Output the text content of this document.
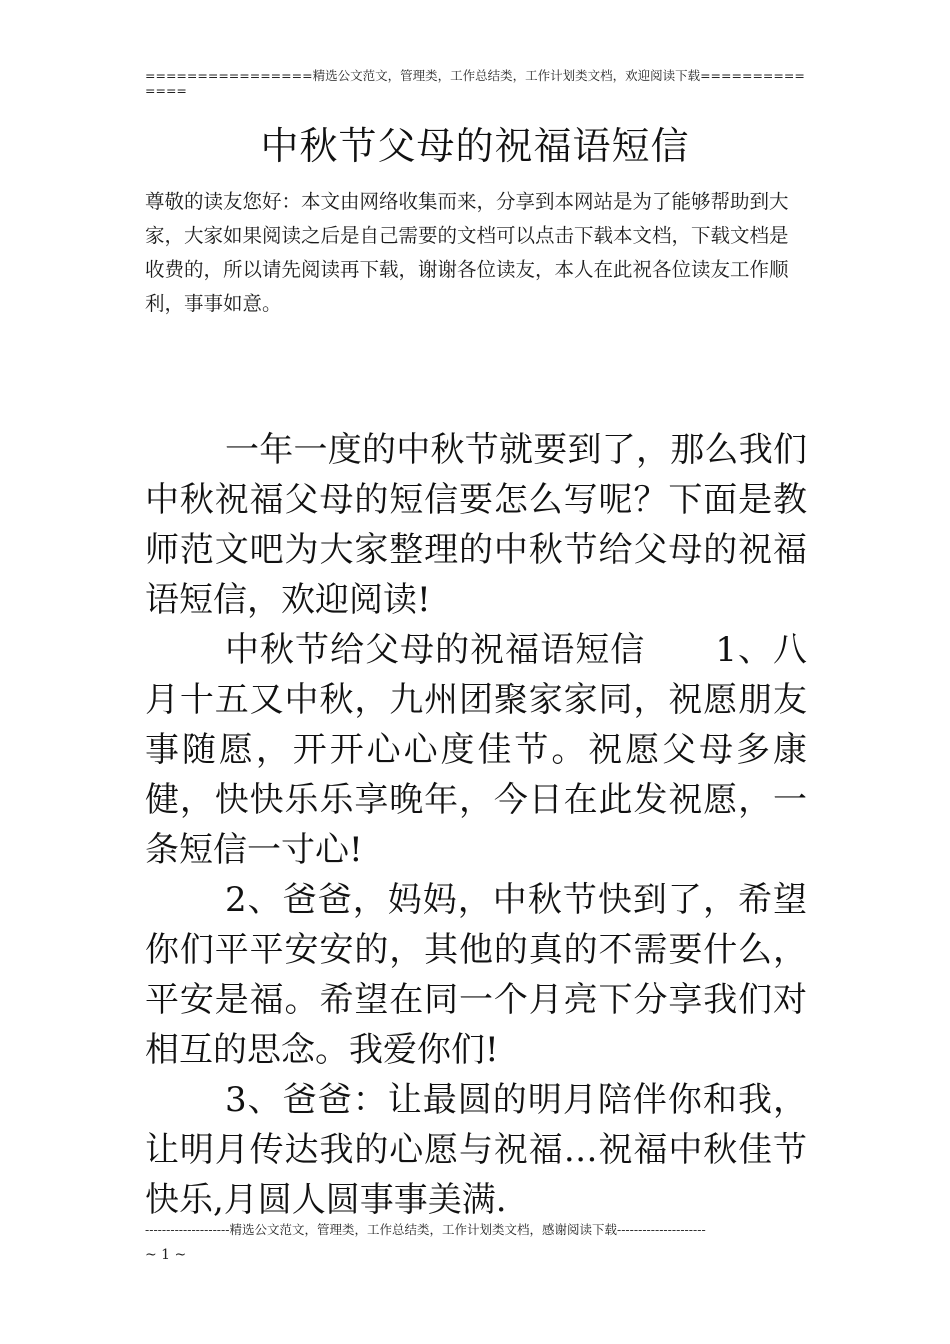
================精选公文范文，管理类，工作总结类，工作计划类文档，欢迎阅读下载==============
中秋节父母的祝福语短信
尊敬的读友您好：本文由网络收集而来，分享到本网站是为了能够帮助到大家，大家如果阅读之后是自己需要的文档可以点击下载本文档，下载文档是收费的，所以请先阅读再下载，谢谢各位读友，本人在此祝各位读友工作顺利，事事如意。

一年一度的中秋节就要到了，那么我们中秋祝福父母的短信要怎么写呢？下面是教师范文吧为大家整理的中秋节给父母的祝福语短信，欢迎阅读!

中秋节给父母的祝福语短信　　1、八月十五又中秋，九州团聚家家同，祝愿朋友事随愿，开开心心度佳节。祝愿父母多康健，快快乐乐享晚年，今日在此发祝愿，一条短信一寸心!

2、爸爸，妈妈，中秋节快到了，希望你们平平安安的，其他的真的不需要什么，平安是福。希望在同一个月亮下分享我们对相互的思念。我爱你们!

3、爸爸：让最圆的明月陪伴你和我，让明月传达我的心愿与祝福…祝福中秋佳节快乐,月圆人圆事事美满.

--------------------精选公文范文，管理类，工作总结类，工作计划类文档，感谢阅读下载---------------------
~ 1 ~
